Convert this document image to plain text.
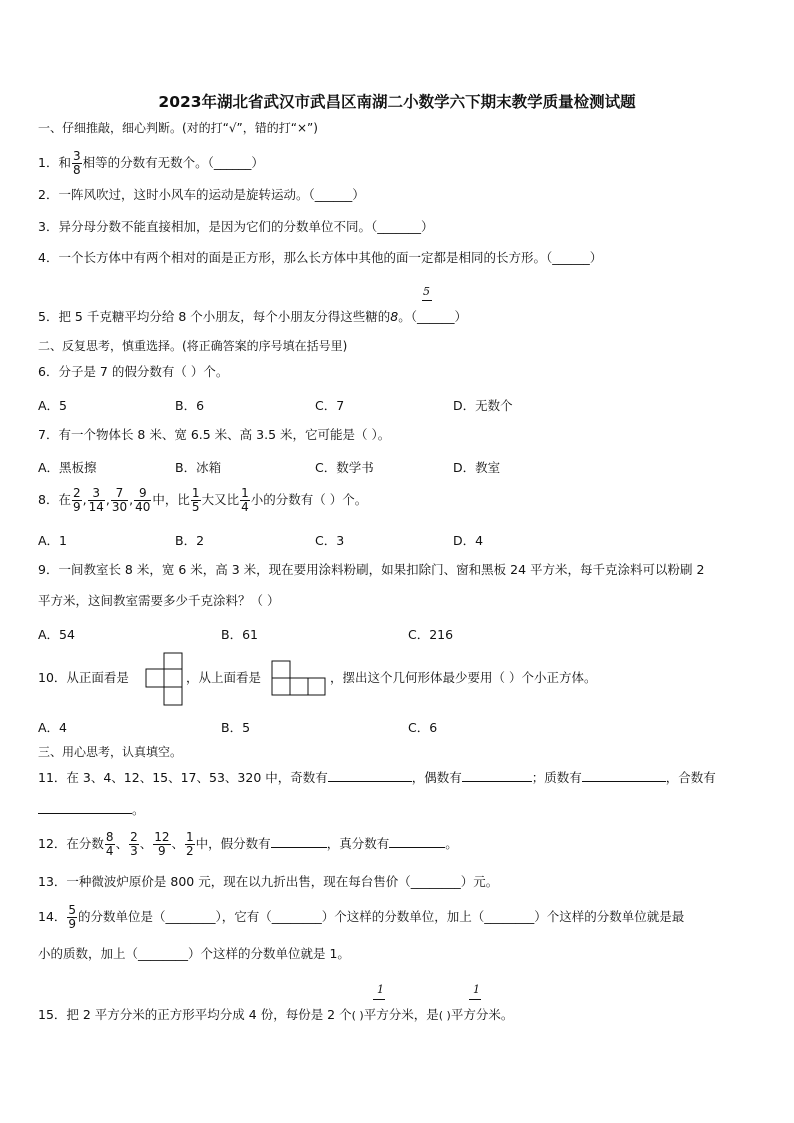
2023年湖北省武汉市武昌区南湖二小数学六下期末教学质量检测试题
一、仔细推敲，细心判断。(对的打“√”，错的打“×”)
1．和 $\frac{3}{8}$ 相等的分数有无数个。（______）
2．一阵风吹过，这时小风车的运动是旋转运动。（______）
3．异分母分数不能直接相加，是因为它们的分数单位不同。（_______）
4．一个长方体中有两个相对的面是正方形，那么长方体中其他的面一定都是相同的长方形。（______）
5
5．把 5 千克糖平均分给 8 个小朋友，每个小朋友分得这些糖的8。（______）
二、反复思考，慎重选择。(将正确答案的序号填在括号里)
6．分子是 7 的假分数有（ ）个。
A．5	B．6	C．7	D．无数个
7．有一个物体长 8 米、宽 6.5 米、高 3.5 米，它可能是（ ）。
A．黑板擦	B．冰箱	C．数学书	D．教室
8．在 $\frac{2}{9}$ , $\frac{3}{14}$ , $\frac{7}{30}$ , $\frac{9}{40}$ 中，比 $\frac{1}{5}$ 大又比 $\frac{1}{4}$ 小的分数有（ ）个。
A．1	B．2	C．3	D．4
9．一间教室长 8 米，宽 6 米，高 3 米，现在要用涂料粉刷，如果扣除门、窗和黑板 24 平方米，每千克涂料可以粉刷 2
平方米，这间教室需要多少千克涂料？（ ）
A．54	B．61	C．216
10．从正面看是	，从上面看是	，摆出这个几何形体最少要用（ ）个小正方体。
A．4	B．5	C．6
三、用心思考，认真填空。
11．在 3、4、12、15、17、53、320 中，奇数有	，偶数有	；质数有	，合数有
。
12．在分数 $\frac{8}{4}$ 、 $\frac{2}{3}$ 、 $\frac{12}{9}$ 、 $\frac{1}{2}$ 中，假分数有	，真分数有	。
13．一种微波炉原价是 800 元，现在以九折出售，现在每台售价（________）元。
14． $\frac{5}{9}$ 的分数单位是（________），它有（________）个这样的分数单位，加上（________）个这样的分数单位就是最
小的质数，加上（________）个这样的分数单位就是 1。
1	1
15．把 2 平方分米的正方形平均分成 4 份，每份是 2 个( )平方分米，是( )平方分米。
